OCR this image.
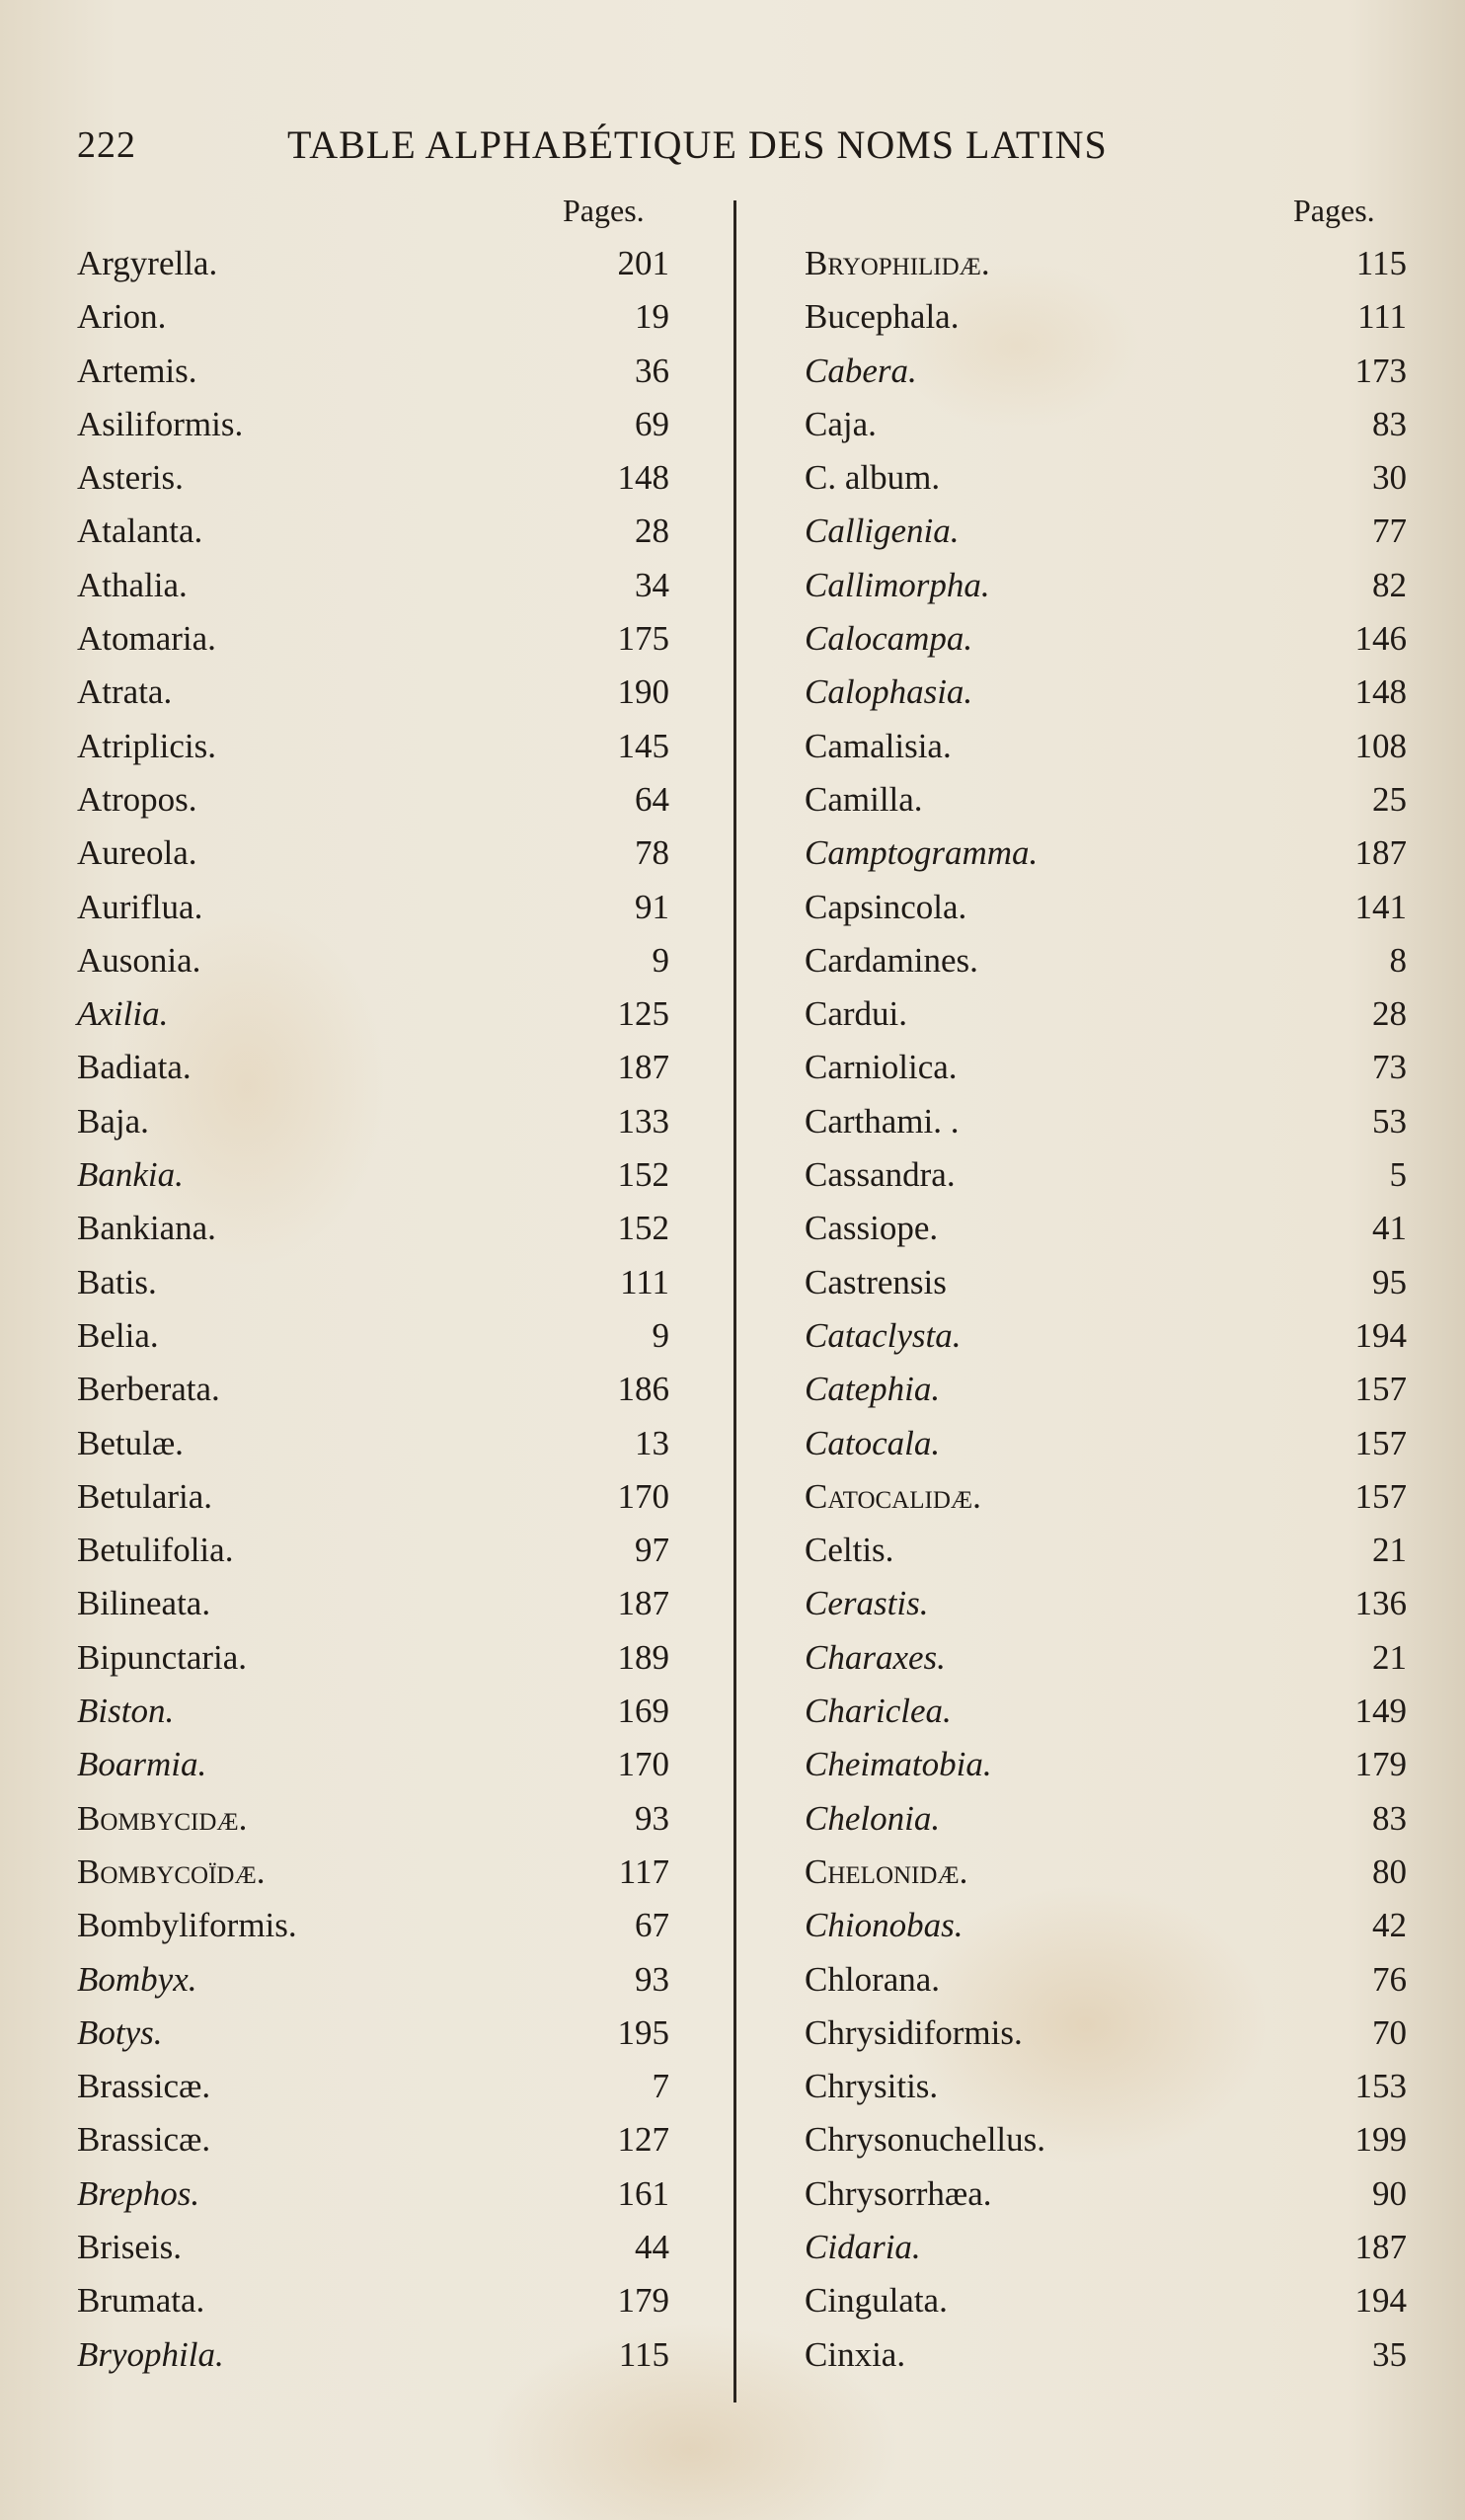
222	TABLE ALPHABÉTIQUE DES NOMS LATINS
Pages.	Pages.
Argyrella.	201
Arion.	19
Artemis.	36
Asiliformis.	69
Asteris.	148
Atalanta.	28
Athalia.	34
Atomaria.	175
Atrata.	190
Atriplicis.	145
Atropos.	64
Aureola.	78
Auriflua.	91
Ausonia.	9
Axilia.	125
Badiata.	187
Baja.	133
Bankia.	152
Bankiana.	152
Batis.	111
Belia.	9
Berberata.	186
Betulæ.	13
Betularia.	170
Betulifolia.	97
Bilineata.	187
Bipunctaria.	189
Biston.	169
Boarmia.	170
Bombycidæ.	93
Bombycoïdæ.	117
Bombyliformis.	67
Bombyx.	93
Botys.	195
Brassicæ.	7
Brassicæ.	127
Brephos.	161
Briseis.	44
Brumata.	179
Bryophila.	115
Bryophilidæ.	115
Bucephala.	111
Cabera.	173
Caja.	83
C. album.	30
Calligenia.	77
Callimorpha.	82
Calocampa.	146
Calophasia.	148
Camalisia.	108
Camilla.	25
Camptogramma.	187
Capsincola.	141
Cardamines.	8
Cardui.	28
Carniolica.	73
Carthami. .	53
Cassandra.	5
Cassiope.	41
Castrensis	95
Cataclysta.	194
Catephia.	157
Catocala.	157
Catocalidæ.	157
Celtis.	21
Cerastis.	136
Charaxes.	21
Chariclea.	149
Cheimatobia.	179
Chelonia.	83
Chelonidæ.	80
Chionobas.	42
Chlorana.	76
Chrysidiformis.	70
Chrysitis.	153
Chrysonuchellus.	199
Chrysorrhæa.	90
Cidaria.	187
Cingulata.	194
Cinxia.	35
